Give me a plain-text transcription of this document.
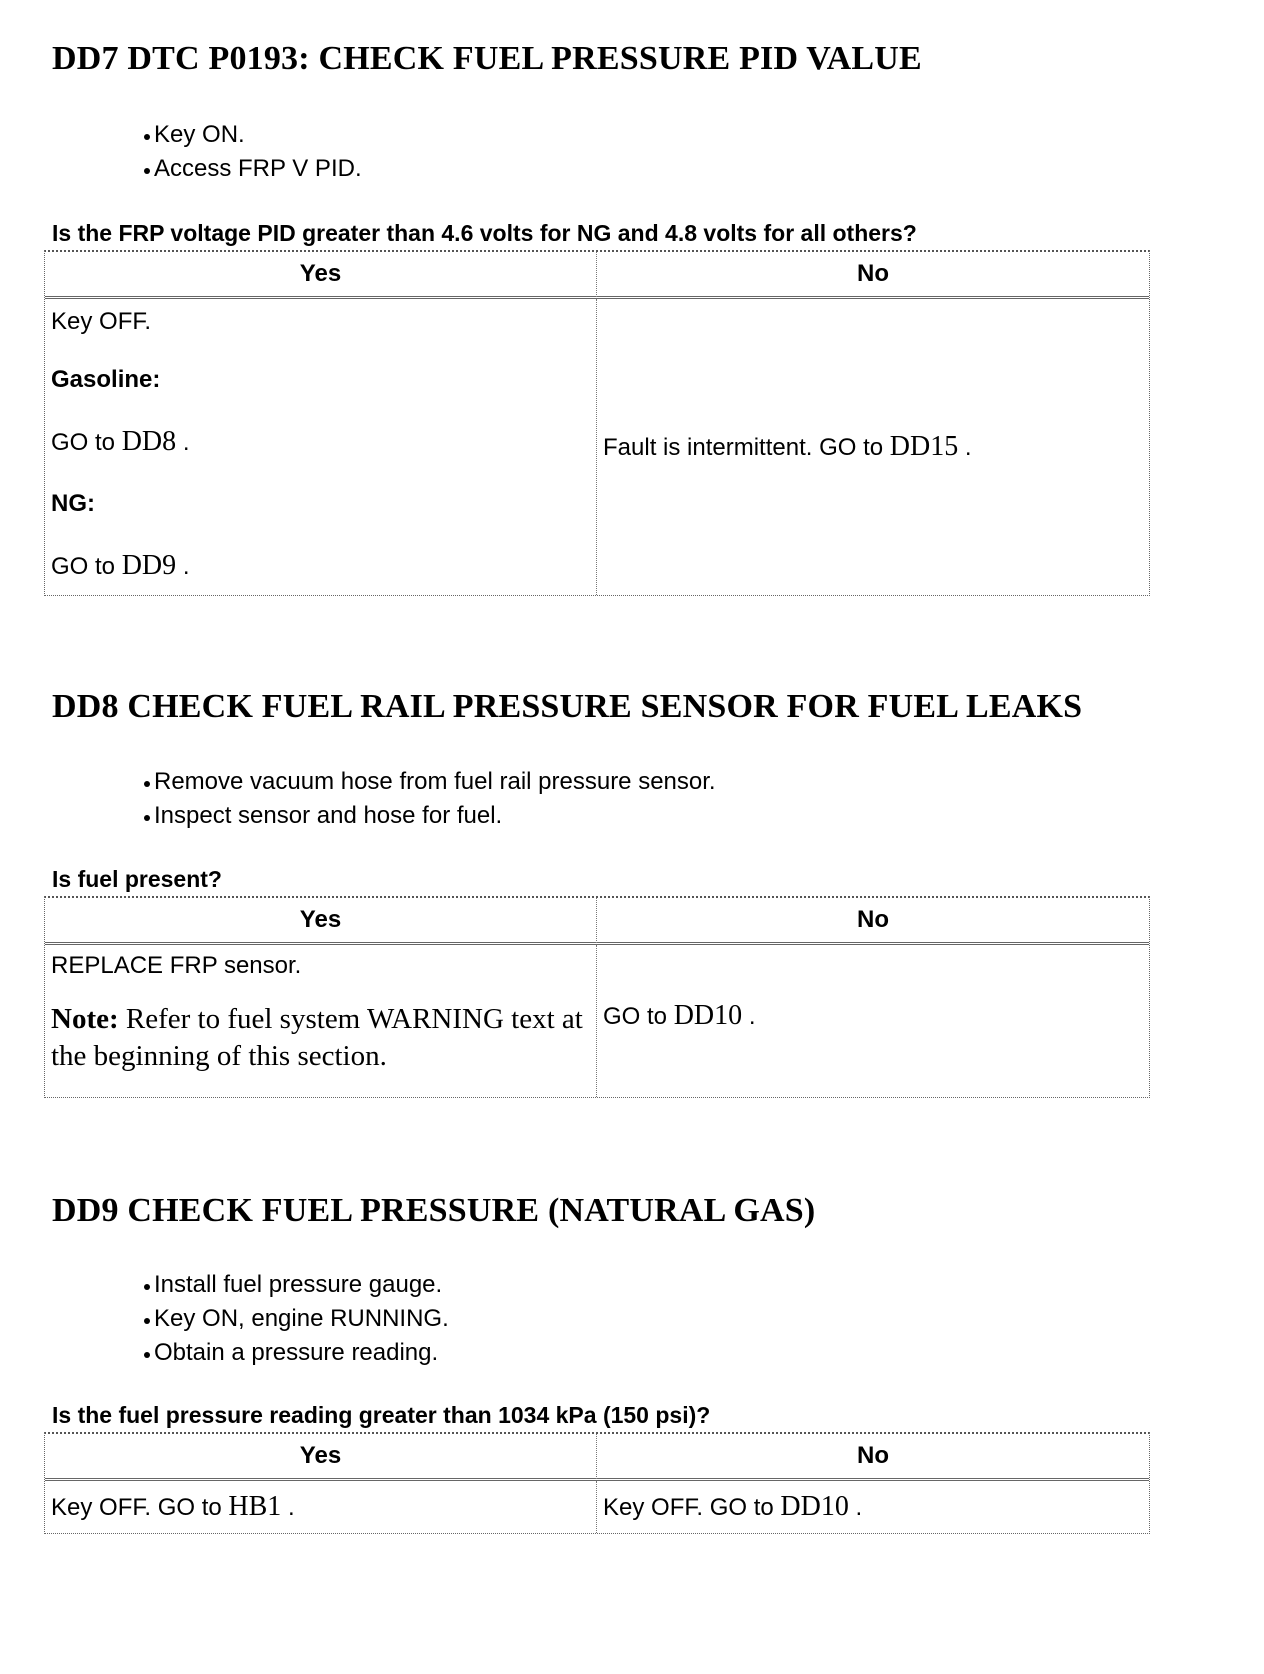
DD7 DTC P0193: CHECK FUEL PRESSURE PID VALUE
Key ON.
Access FRP V PID.

Is the FRP voltage PID greater than 4.6 volts for NG and 4.8 volts for all others?

Yes	No

Key OFF.

Gasoline:

GO to DD8 .

NG:

GO to DD9 .	Fault is intermittent. GO to DD15 .
DD8 CHECK FUEL RAIL PRESSURE SENSOR FOR FUEL LEAKS
Remove vacuum hose from fuel rail pressure sensor.
Inspect sensor and hose for fuel.

Is fuel present?

Yes	No

REPLACE FRP sensor.

Note: Refer to fuel system WARNING text at the beginning of this section.	GO to DD10 .
DD9 CHECK FUEL PRESSURE (NATURAL GAS)
Install fuel pressure gauge.
Key ON, engine RUNNING.
Obtain a pressure reading.

Is the fuel pressure reading greater than 1034 kPa (150 psi)?

Yes	No
Key OFF. GO to HB1 .	Key OFF. GO to DD10 .
